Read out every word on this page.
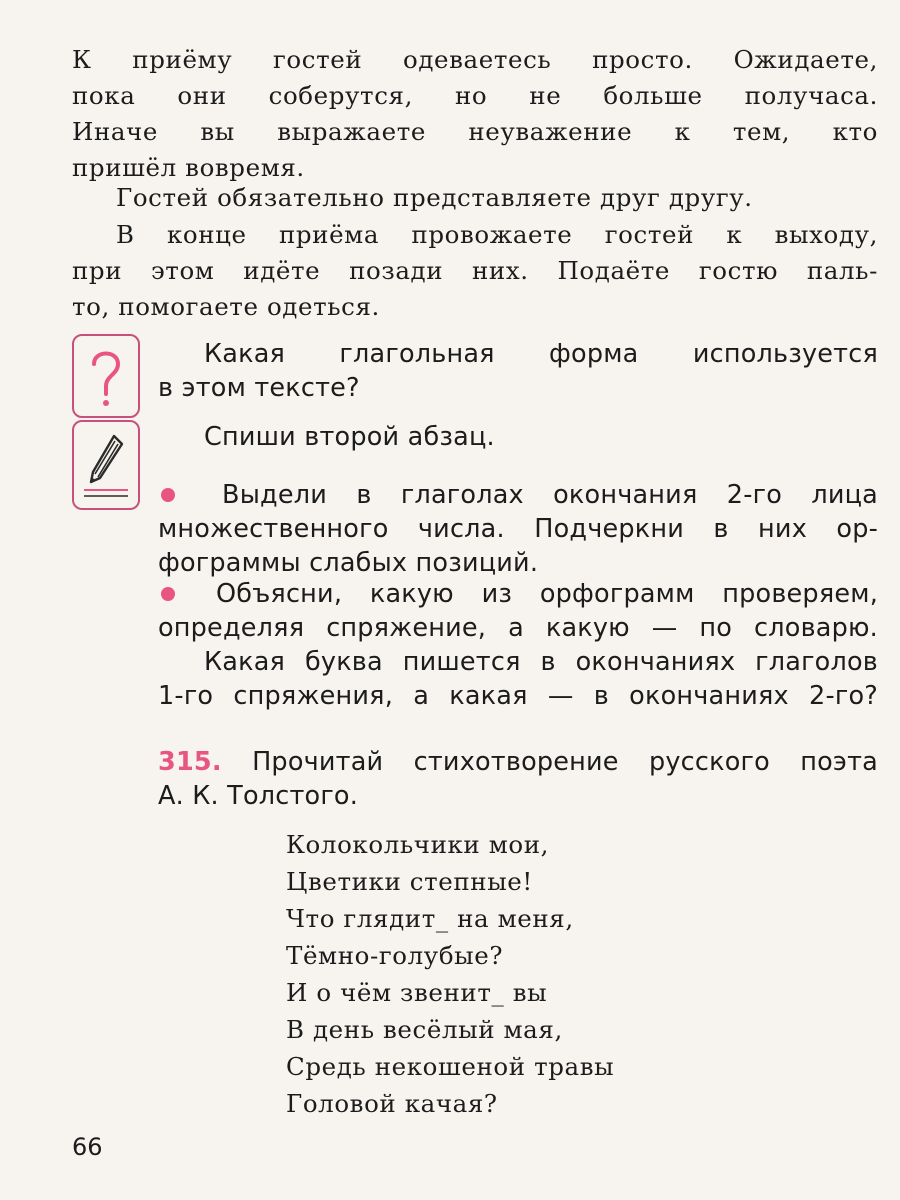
К приёму гостей одеваетесь просто. Ожидаете,
пока они соберутся, но не больше получаса.
Иначе вы выражаете неуважение к тем, кто
пришёл вовремя.
Гостей обязательно представляете друг другу.
В конце приёма провожаете гостей к выходу,
при этом идёте позади них. Подаёте гостю паль-
то, помогаете одеться.
Какая глагольная форма используется
в этом тексте?
Спиши второй абзац.
Выдели в глаголах окончания 2-го лица
множественного числа. Подчеркни в них ор-
фограммы слабых позиций.
Объясни, какую из орфограмм проверяем,
определяя спряжение, а какую — по словарю.
Какая буква пишется в окончаниях глаголов
1-го спряжения, а какая — в окончаниях 2-го?
315. Прочитай стихотворение русского поэта
А. К. Толстого.
Колокольчики мои,
Цветики степные!
Что глядит_ на меня,
Тёмно-голубые?
И о чём звенит_ вы
В день весёлый мая,
Средь некошеной травы
Головой качая?
66
